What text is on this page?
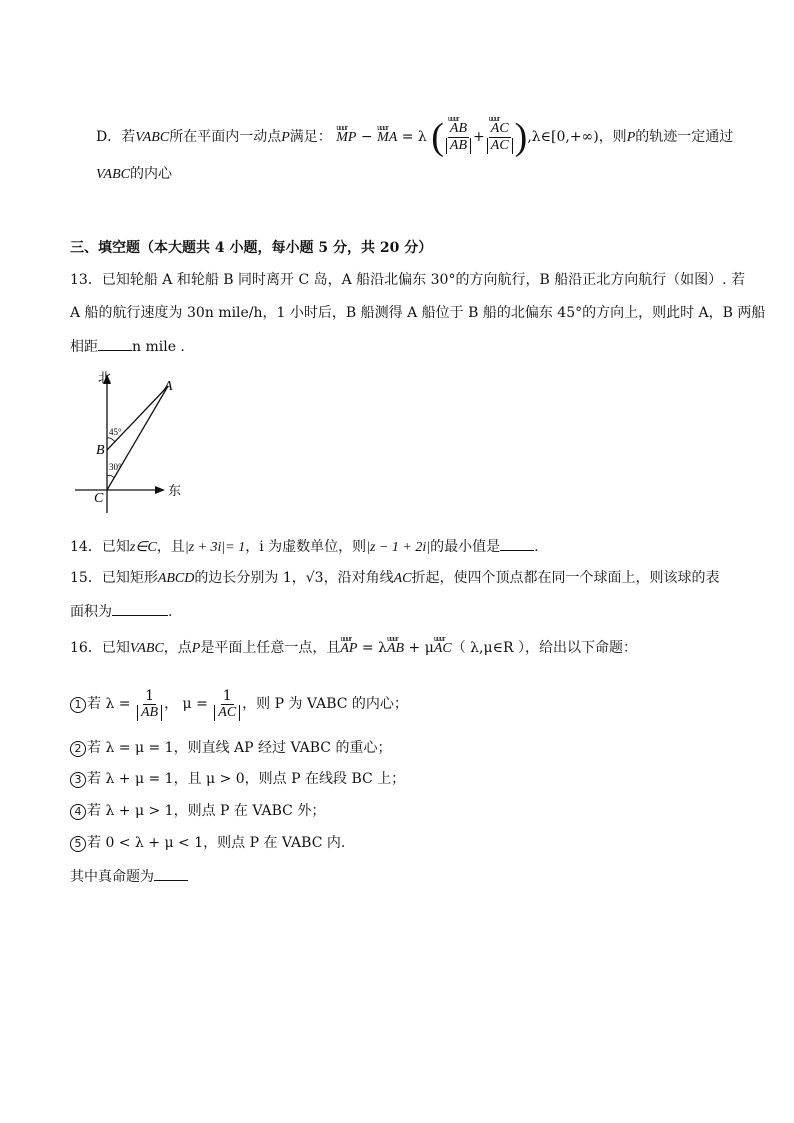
D．若VABC所在平面内一动点P满足： uuur MP − uuur MA = λ ( uuur $\frac{AB}{AB}$ + uuur $\frac{AC}{AC}$ ),λ∈[0,+∞)，则P的轨迹一定通过
VABC的内心
三、填空题（本大题共 4 小题，每小题 5 分，共 20 分）
13．已知轮船 A 和轮船 B 同时离开 C 岛，A 船沿北偏东 30°的方向航行，B 船沿正北方向航行（如图）. 若
A 船的航行速度为 30n mile/h，1 小时后，B 船测得 A 船位于 B 船的北偏东 45°的方向上，则此时 A，B 两船
相距 n mile .
北
东
A
B
C
45°
30°
14．已知z∈C，且|z + 3i|= 1，i 为虚数单位，则|z − 1 + 2i|的最小值是 .
15．已知矩形ABCD的边长分别为 1，√3，沿对角线AC折起，使四个顶点都在同一个球面上，则该球的表
面积为	.
16．已知VABC，点P是平面上任意一点，且uuur AP = λuuur AB + μuuur AC（ λ,μ∈R ），给出以下命题：
1 若 $\lambda = \frac{1}{AB}$ ， $\mu = \frac{1}{AC}$ ，则 P 为 VABC 的内心；
2 若 λ = μ = 1，则直线 AP 经过 VABC 的重心；
3 若 λ + μ = 1，且 μ > 0，则点 P 在线段 BC 上；
4 若 λ + μ > 1，则点 P 在 VABC 外；
5 若 0 < λ + μ < 1，则点 P 在 VABC 内.
其中真命题为
